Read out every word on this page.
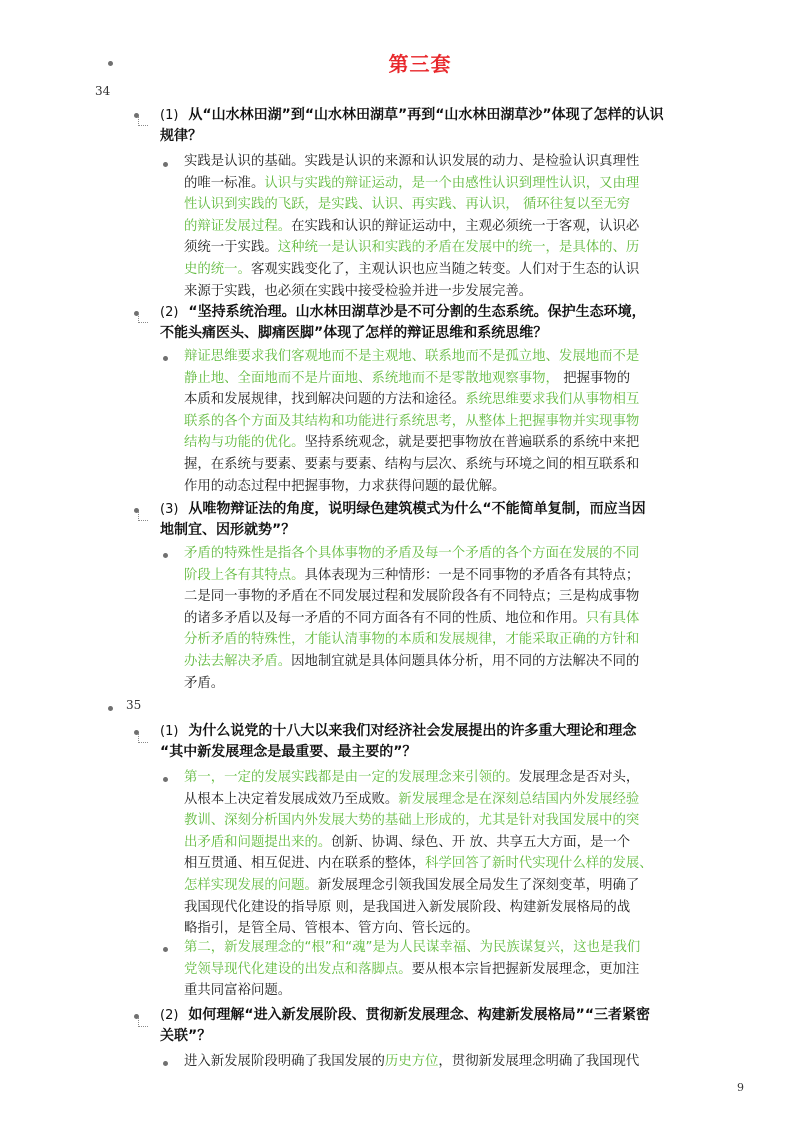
第三套
34
(1) 从“山水林田湖”到“山水林田湖草”再到“山水林田湖草沙”体现了怎样的认识
规律？
实践是认识的基础。实践是认识的来源和认识发展的动力、是检验认识真理性
的唯一标准。认识与实践的辩证运动，是一个由感性认识到理性认识，又由理
性认识到实践的飞跃，是实践、认识、再实践、再认识， 循环往复以至无穷
的辩证发展过程。在实践和认识的辩证运动中，主观必须统一于客观，认识必
须统一于实践。这种统一是认识和实践的矛盾在发展中的统一，是具体的、历
史的统一。客观实践变化了，主观认识也应当随之转变。人们对于生态的认识
来源于实践，也必须在实践中接受检验并进一步发展完善。
(2) “坚持系统治理。山水林田湖草沙是不可分割的生态系统。保护生态环境，
不能头痛医头、脚痛医脚”体现了怎样的辩证思维和系统思维？
辩证思维要求我们客观地而不是主观地、联系地而不是孤立地、发展地而不是
静止地、全面地而不是片面地、系统地而不是零散地观察事物， 把握事物的
本质和发展规律，找到解决问题的方法和途径。系统思维要求我们从事物相互
联系的各个方面及其结构和功能进行系统思考，从整体上把握事物并实现事物
结构与功能的优化。坚持系统观念，就是要把事物放在普遍联系的系统中来把
握，在系统与要素、要素与要素、结构与层次、系统与环境之间的相互联系和
作用的动态过程中把握事物，力求获得问题的最优解。
(3) 从唯物辩证法的角度，说明绿色建筑模式为什么“不能简单复制，而应当因
地制宜、因形就势”？
矛盾的特殊性是指各个具体事物的矛盾及每一个矛盾的各个方面在发展的不同
阶段上各有其特点。具体表现为三种情形：一是不同事物的矛盾各有其特点；
二是同一事物的矛盾在不同发展过程和发展阶段各有不同特点；三是构成事物
的诸多矛盾以及每一矛盾的不同方面各有不同的性质、地位和作用。只有具体
分析矛盾的特殊性，才能认清事物的本质和发展规律，才能采取正确的方针和
办法去解决矛盾。因地制宜就是具体问题具体分析，用不同的方法解决不同的
矛盾。
35
(1) 为什么说党的十八大以来我们对经济社会发展提出的许多重大理论和理念
“其中新发展理念是最重要、最主要的”？
第一，一定的发展实践都是由一定的发展理念来引领的。发展理念是否对头，
从根本上决定着发展成效乃至成败。新发展理念是在深刻总结国内外发展经验
教训、深刻分析国内外发展大势的基础上形成的，尤其是针对我国发展中的突
出矛盾和问题提出来的。创新、协调、绿色、开 放、共享五大方面，是一个
相互贯通、相互促进、内在联系的整体，科学回答了新时代实现什么样的发展、
怎样实现发展的问题。新发展理念引领我国发展全局发生了深刻变革，明确了
我国现代化建设的指导原 则，是我国进入新发展阶段、构建新发展格局的战
略指引，是管全局、管根本、管方向、管长远的。
第二，新发展理念的“根”和“魂”是为人民谋幸福、为民族谋复兴，这也是我们
党领导现代化建设的出发点和落脚点。要从根本宗旨把握新发展理念，更加注
重共同富裕问题。
(2) 如何理解“进入新发展阶段、贯彻新发展理念、构建新发展格局”“三者紧密
关联”？
进入新发展阶段明确了我国发展的历史方位，贯彻新发展理念明确了我国现代
9
